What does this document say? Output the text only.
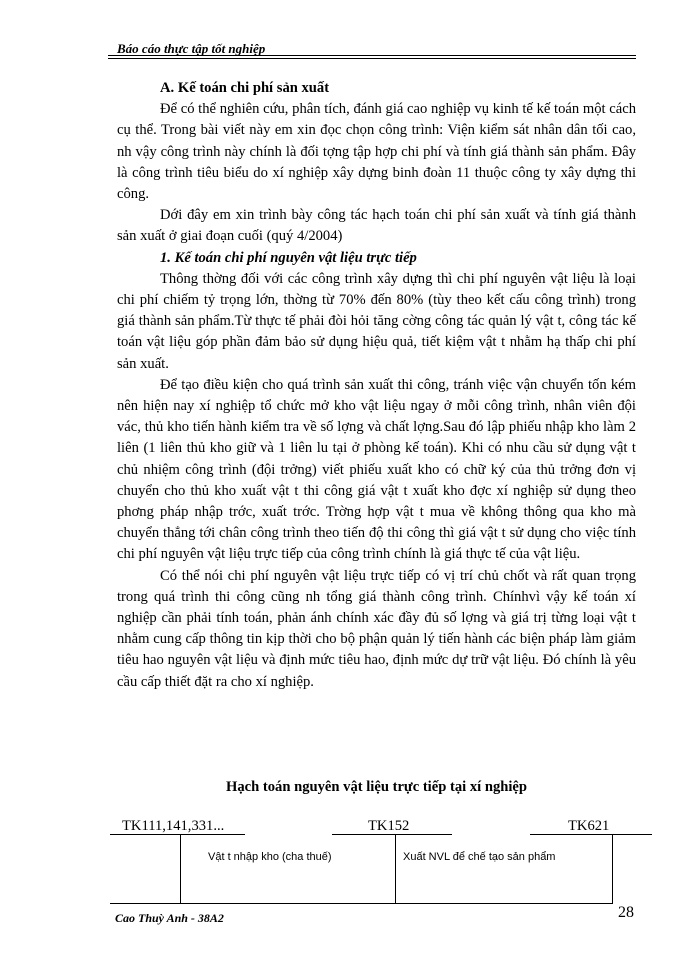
Báo cáo thực tập tốt nghiệp

A. Kế toán chi phí sản xuất

Để có thể nghiên cứu, phân tích, đánh giá cao nghiệp vụ kinh tế kế toán một cách cụ thể. Trong bài viết này em xin đọc chọn công trình: Viện kiểm sát nhân dân tối cao, nh vậy công trình này chính là đối tợng tập hợp chi phí và tính giá thành sản phẩm. Đây là công trình tiêu biểu do xí nghiệp xây dựng binh đoàn 11 thuộc công ty xây dựng thi công.

Dới đây em xin trình bày công tác hạch toán chi phí sản xuất và tính giá thành sản xuất ở giai đoạn cuối (quý 4/2004)

1. Kế toán chi phí nguyên vật liệu trực tiếp

Thông thờng đối với các công trình xây dựng thì chi phí nguyên vật liệu là loại chi phí chiếm tỷ trọng lớn, thờng từ 70% đến 80% (tùy theo kết cấu công trình) trong giá thành sản phẩm.Từ thực tế phải đòi hỏi tăng cờng công tác quản lý vật t, công tác kế toán vật liệu góp phần đảm bảo sử dụng hiệu quả, tiết kiệm vật t nhằm hạ thấp chi phí sản xuất.

Để tạo điều kiện cho quá trình sản xuất thi công, tránh việc vận chuyển tốn kém nên hiện nay xí nghiệp tổ chức mở kho vật liệu ngay ở mỗi công trình, nhân viên đội vác, thủ kho tiến hành kiểm tra về số lợng và chất lợng.Sau đó lập phiếu nhập kho làm 2 liên (1 liên thủ kho giữ và 1 liên lu tại ở phòng kế toán). Khi có nhu cầu sử dụng vật t chủ nhiệm công trình (đội trởng) viết phiếu xuất kho có chữ ký của thủ trởng đơn vị chuyển cho thủ kho xuất vật t thi công giá vật t xuất kho đợc xí nghiệp sử dụng theo phơng pháp nhập trớc, xuất trớc. Trờng hợp vật t mua về không thông qua kho mà chuyển thẳng tới chân công trình theo tiến độ thi công thì giá vật t sử dụng cho việc tính chi phí nguyên vật liệu trực tiếp của công trình chính là giá thực tế của vật liệu.

Có thể nói chi phí nguyên vật liệu trực tiếp có vị trí chủ chốt và rất quan trọng trong quá trình thi công cũng nh tổng giá thành công trình. Chínhvì vậy kế toán xí nghiệp cần phải tính toán, phản ánh chính xác đầy đủ số lợng và giá trị từng loại vật t nhằm cung cấp thông tin kịp thời cho bộ phận quản lý tiến hành các biện pháp làm giảm tiêu hao nguyên vật liệu và định mức tiêu hao, định mức dự trữ vật liệu. Đó chính là yêu cầu cấp thiết đặt ra cho xí nghiệp.

Hạch toán nguyên vật liệu trực tiếp tại xí nghiệp
TK111,141,331...	TK152	TK621
Vật t nhập kho (cha thuế)	Xuất NVL để chế tạo sản phẩm
Cao Thuỳ Anh - 38A2	28
